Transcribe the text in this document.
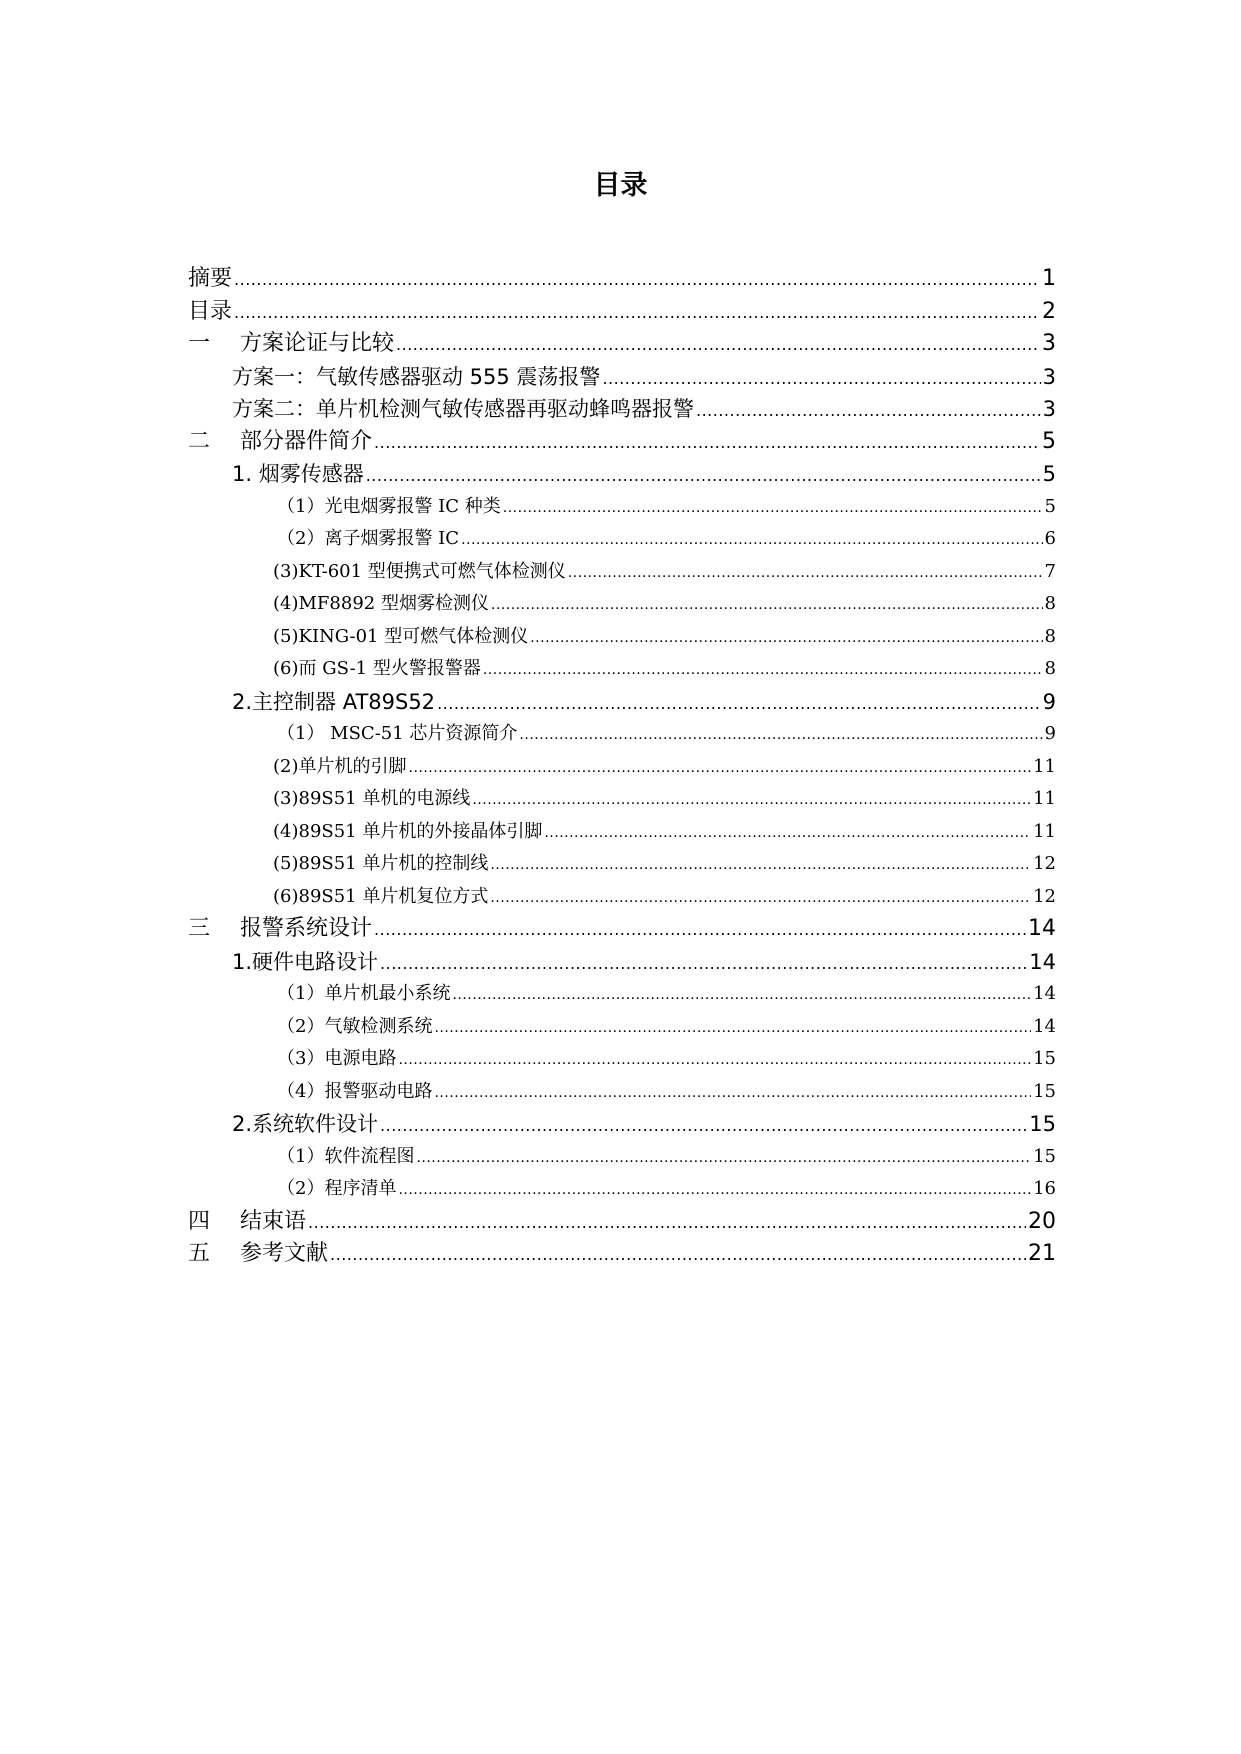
目录
摘要 .....	1
目录 .....	2
一 方案论证与比较 .....	3
方案一：气敏传感器驱动 555 震荡报警 .....	3
方案二：单片机检测气敏传感器再驱动蜂鸣器报警 .....	3
二 部分器件简介 .....	5
1. 烟雾传感器 .....	5
（1）光电烟雾报警 IC 种类 .....	5
（2）离子烟雾报警 IC .....	6
(3)KT-601 型便携式可燃气体检测仪 .....	7
(4)MF8892 型烟雾检测仪 .....	8
(5)KING-01 型可燃气体检测仪 .....	8
(6)而 GS-1 型火警报警器 .....	8
2.主控制器 AT89S52 .....	9
（1） MSC-51 芯片资源简介 .....	9
(2)单片机的引脚 .....	11
(3)89S51 单机的电源线 .....	11
(4)89S51 单片机的外接晶体引脚 .....	11
(5)89S51 单片机的控制线 .....	12
(6)89S51 单片机复位方式 .....	12
三 报警系统设计 .....	14
1.硬件电路设计 .....	14
（1）单片机最小系统 .....	14
（2）气敏检测系统 .....	14
（3）电源电路 .....	15
（4）报警驱动电路 .....	15
2.系统软件设计 .....	15
（1）软件流程图 .....	15
（2）程序清单 .....	16
四 结束语 .....	20
五 参考文献 .....	21
